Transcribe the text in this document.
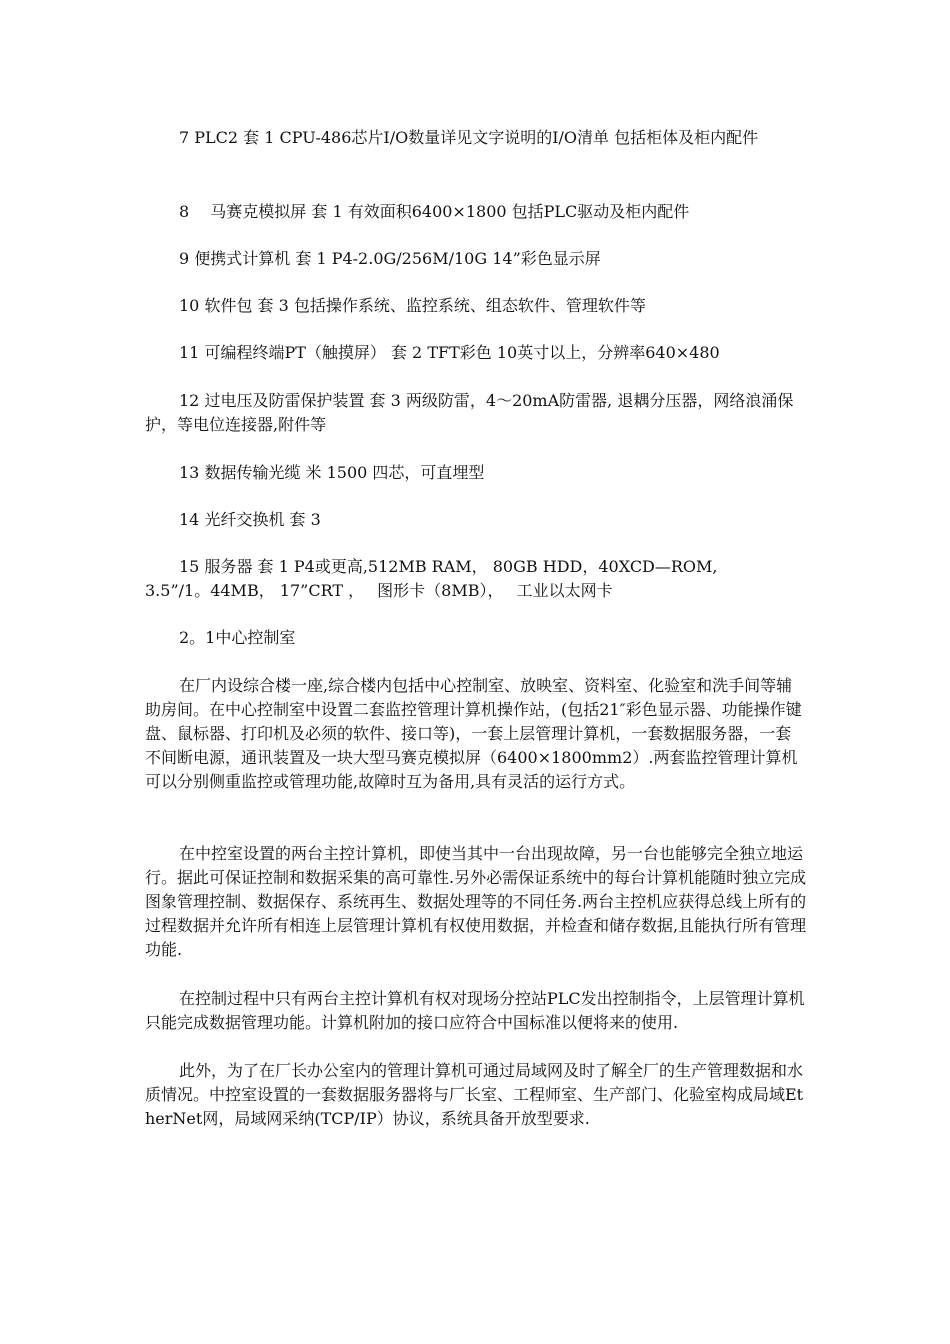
7 PLC2 套 1 CPU-486芯片I/O数量详见文字说明的I/O清单 包括柜体及柜内配件

8　 马赛克模拟屏 套 1 有效面积6400×1800 包括PLC驱动及柜内配件

9 便携式计算机 套 1 P4-2.0G/256M/10G 14”彩色显示屏

10 软件包 套 3 包括操作系统、监控系统、组态软件、管理软件等

11 可编程终端PT（触摸屏） 套 2 TFT彩色 10英寸以上，分辨率640×480

12 过电压及防雷保护装置 套 3 两级防雷，4～20mA防雷器, 退耦分压器，网络浪涌保护，等电位连接器,附件等

13 数据传输光缆 米 1500 四芯，可直埋型

14 光纤交换机 套 3

15 服务器 套 1 P4或更高,512MB RAM， 80GB HDD，40XCD—ROM,
3.5”/1。44MB， 17”CRT ，　 图形卡（8MB），　 工业以太网卡

2。1中心控制室

在厂内设综合楼一座,综合楼内包括中心控制室、放映室、资料室、化验室和洗手间等辅助房间。在中心控制室中设置二套监控管理计算机操作站，(包括21″彩色显示器、功能操作键盘、鼠标器、打印机及必须的软件、接口等)，一套上层管理计算机，一套数据服务器，一套不间断电源，通讯装置及一块大型马赛克模拟屏（6400×1800mm2）.两套监控管理计算机可以分别侧重监控或管理功能,故障时互为备用,具有灵活的运行方式。

在中控室设置的两台主控计算机，即使当其中一台出现故障，另一台也能够完全独立地运行。据此可保证控制和数据采集的高可靠性.另外必需保证系统中的每台计算机能随时独立完成图象管理控制、数据保存、系统再生、数据处理等的不同任务.两台主控机应获得总线上所有的过程数据并允许所有相连上层管理计算机有权使用数据，并检查和储存数据,且能执行所有管理功能.

在控制过程中只有两台主控计算机有权对现场分控站PLC发出控制指令，上层管理计算机只能完成数据管理功能。计算机附加的接口应符合中国标准以便将来的使用.

此外，为了在厂长办公室内的管理计算机可通过局域网及时了解全厂的生产管理数据和水质情况。中控室设置的一套数据服务器将与厂长室、工程师室、生产部门、化验室构成局域EtherNet网，局域网采纳(TCP/IP）协议，系统具备开放型要求.
